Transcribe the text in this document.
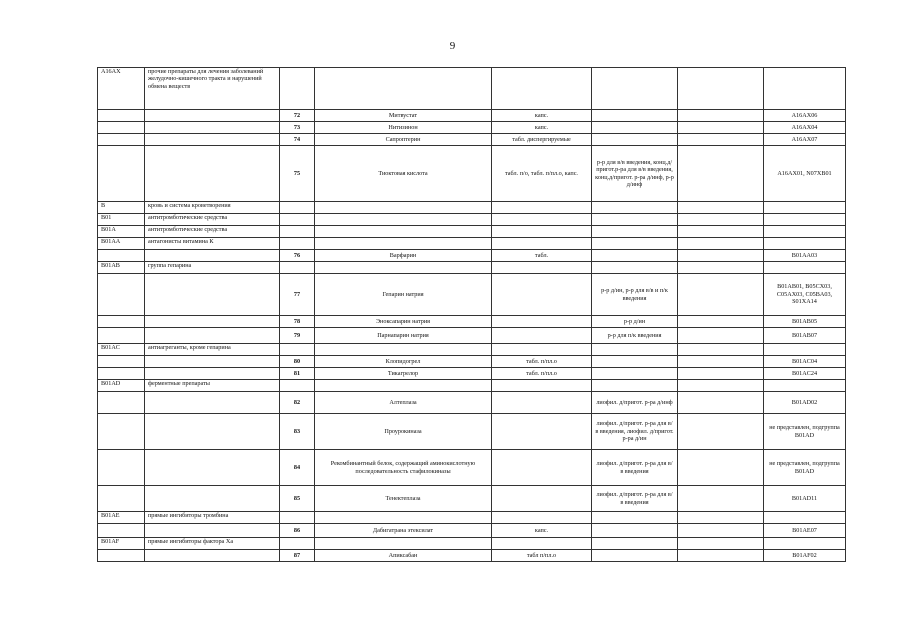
9
A16AX	прочие препараты для лечения заболеваний желудочно-кишечного тракта и нарушений обмена веществ						
		72	Митвустат	капс.			A16AX06
		73	Нитизинон	капс.			A16AX04
		74	Сапроптерин	табл. диспергируемые			A16AX07
		75	Тиоктовая кислота	табл. п/о, табл. п/пл.о, капс.	р-р для в/в введения, конц.д/пригот.р-ра для в/в введения, конц.д/пригот. р-ра д/инф, р-р д/инф		A16AX01, N07XB01
B	кровь и система кроветворения						
B01	антитромботические средства						
B01A	антитромботические средства						
B01AA	антагонисты витамина К						
		76	Варфарин	табл.			B01AA03
B01AB	группа гепарина						
		77	Гепарин натрия		р-р д/ин, р-р для в/в и п/к введения		B01AB01, B05CX03, C05AX03, C05BA03, S01XA14
		78	Эноксапарин натрия		р-р д/ин		B01AB05
		79	Парнапарин натрия		р-р для п/к введения		B01AB07
B01AC	антиагреганты, кроме гепарина						
		80	Клопидогрел	табл. п/пл.о			B01AC04
		81	Тикагрелор	табл. п/пл.о			B01AC24
B01AD	ферментные препараты						
		82	Алтеплаза		лиофил. д/пригот. р-ра д/инф		B01AD02
		83	Проурокиназа		лиофил. д/пригот. р-ра для в/в введения, лиофил. д/пригот. р-ра д/ин		не представлен, подгруппа B01AD
		84	Рекомбинантный белок, содержащий аминокислотную последовательность стафилокиназы		лиофил. д/пригот. р-ра для в/в введения		не представлен, подгруппа B01AD
		85	Тенектеплаза		лиофил. д/пригот. р-ра для в/в введения		B01AD11
B01AE	прямые ингибиторы тромбина						
		86	Дабигатрана этексилат	капс.			B01AE07
B01AF	прямые ингибиторы фактора Xa						
		87	Апиксабан	табл п/пл.о			B01AF02
